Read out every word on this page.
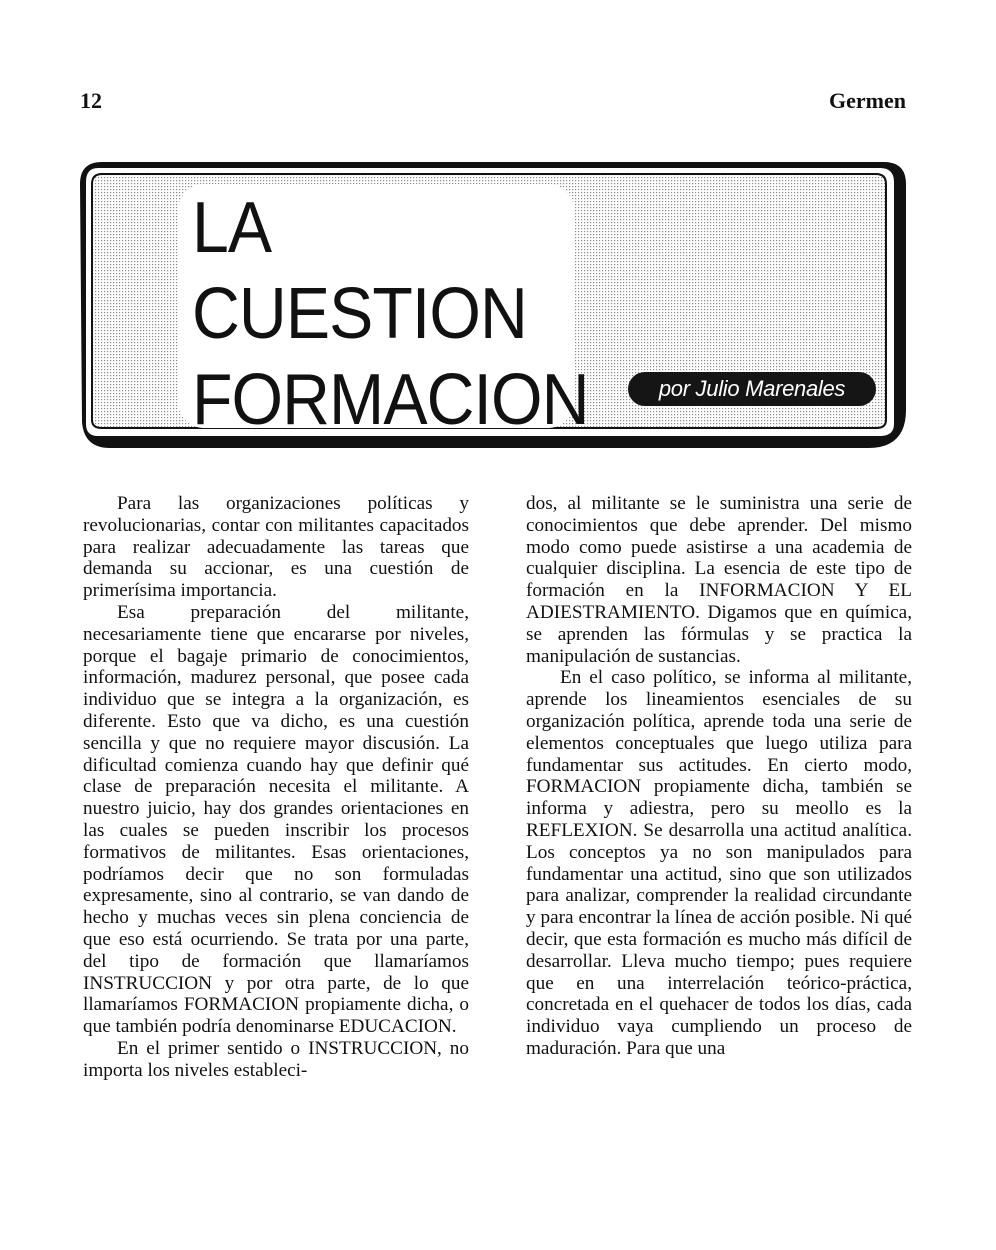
12	Germen
LA
CUESTION
FORMACION	por Julio Marenales

Para las organizaciones políticas y revolucionarias, contar con militantes capacitados para realizar adecuadamente las tareas que demanda su accionar, es una cuestión de primerísima importancia.

Esa preparación del militante, necesariamente tiene que encararse por niveles, porque el bagaje primario de conocimientos, información, madurez personal, que posee cada individuo que se integra a la organización, es diferente. Esto que va dicho, es una cuestión sencilla y que no requiere mayor discusión. La dificultad comienza cuando hay que definir qué clase de preparación necesita el militante. A nuestro juicio, hay dos grandes orientaciones en las cuales se pueden inscribir los procesos formativos de militantes. Esas orientaciones, podríamos decir que no son formuladas expresamente, sino al contrario, se van dando de hecho y muchas veces sin plena conciencia de que eso está ocurriendo. Se trata por una parte, del tipo de formación que llamaríamos INSTRUCCION y por otra parte, de lo que llamaríamos FORMACION propiamente dicha, o que también podría denominarse EDUCACION.

En el primer sentido o INSTRUCCION, no importa los niveles estableci-

dos, al militante se le suministra una serie de conocimientos que debe aprender. Del mismo modo como puede asistirse a una academia de cualquier disciplina. La esencia de este tipo de formación en la INFORMACION Y EL ADIESTRAMIENTO. Digamos que en química, se aprenden las fórmulas y se practica la manipulación de sustancias.

En el caso político, se informa al militante, aprende los lineamientos esenciales de su organización política, aprende toda una serie de elementos conceptuales que luego utiliza para fundamentar sus actitudes. En cierto modo, FORMACION propiamente dicha, también se informa y adiestra, pero su meollo es la REFLEXION. Se desarrolla una actitud analítica. Los conceptos ya no son manipulados para fundamentar una actitud, sino que son utilizados para analizar, comprender la realidad circundante y para encontrar la línea de acción posible. Ni qué decir, que esta formación es mucho más difícil de desarrollar. Lleva mucho tiempo; pues requiere que en una interrelación teórico-práctica, concretada en el quehacer de todos los días, cada individuo vaya cumpliendo un proceso de maduración. Para que una
